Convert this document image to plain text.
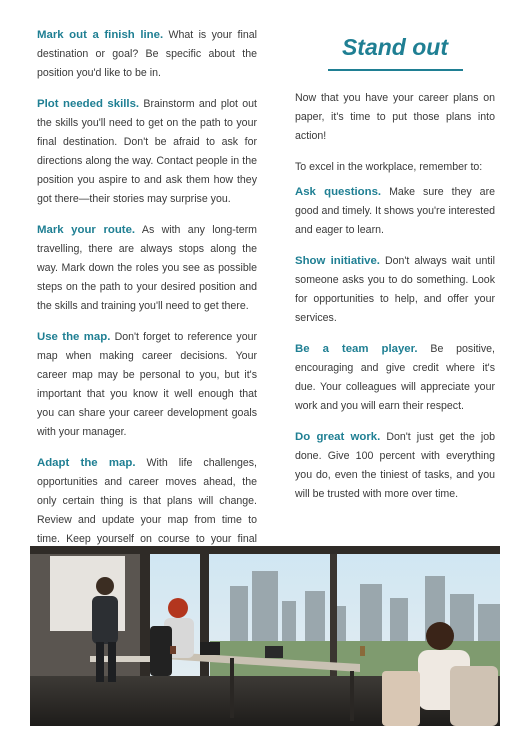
Mark out a finish line. What is your final destination or goal? Be specific about the position you'd like to be in.

Plot needed skills. Brainstorm and plot out the skills you'll need to get on the path to your final destination. Don't be afraid to ask for directions along the way. Contact people in the position you aspire to and ask them how they got there—their stories may surprise you.

Mark your route. As with any long-term travelling, there are always stops along the way. Mark down the roles you see as possible steps on the path to your desired position and the skills and training you'll need to get there.

Use the map. Don't forget to reference your map when making career decisions. Your career map may be personal to you, but it's important that you know it well enough that you can share your career development goals with your manager.

Adapt the map. With life challenges, opportunities and career moves ahead, the only certain thing is that plans will change. Review and update your map from time to time. Keep yourself on course to your final

Stand out

Now that you have your career plans on paper, it's time to put those plans into action!

To excel in the workplace, remember to:

Ask questions. Make sure they are good and timely. It shows you're interested and eager to learn.

Show initiative. Don't always wait until someone asks you to do something. Look for opportunities to help, and offer your services.

Be a team player. Be positive, encouraging and give credit where it's due. Your colleagues will appreciate your work and you will earn their respect.

Do great work. Don't just get the job done. Give 100 percent with everything you do, even the tiniest of tasks, and you will be trusted with more over time.
